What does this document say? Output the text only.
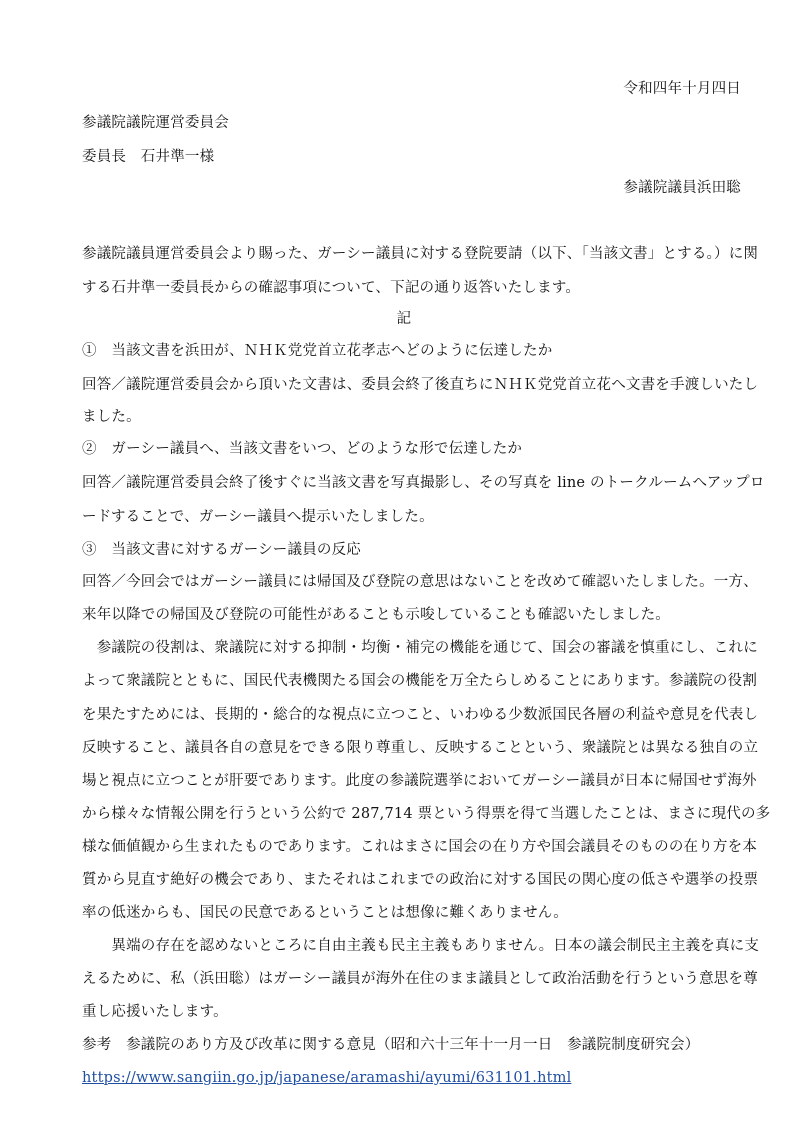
令和四年十月四日
参議院議院運営委員会
委員長　石井準一様
参議院議員浜田聡
参議院議員運営委員会より賜った、ガーシー議員に対する登院要請（以下、「当該文書」とする。）に関
する石井準一委員長からの確認事項について、下記の通り返答いたします。
記
①　当該文書を浜田が、ＮＨＫ党党首立花孝志へどのように伝達したか
回答／議院運営委員会から頂いた文書は、委員会終了後直ちにＮＨＫ党党首立花へ文書を手渡しいたし
ました。
②　ガーシー議員へ、当該文書をいつ、どのような形で伝達したか
回答／議院運営委員会終了後すぐに当該文書を写真撮影し、その写真を line のトークルームへアップロ
ードすることで、ガーシー議員へ提示いたしました。
③　当該文書に対するガーシー議員の反応
回答／今回会ではガーシー議員には帰国及び登院の意思はないことを改めて確認いたしました。一方、
来年以降での帰国及び登院の可能性があることも示唆していることも確認いたしました。
　参議院の役割は、衆議院に対する抑制・均衡・補完の機能を通じて、国会の審議を慎重にし、これに
よって衆議院とともに、国民代表機関たる国会の機能を万全たらしめることにあります。参議院の役割
を果たすためには、長期的・総合的な視点に立つこと、いわゆる少数派国民各層の利益や意見を代表し
反映すること、議員各自の意見をできる限り尊重し、反映することという、衆議院とは異なる独自の立
場と視点に立つことが肝要であります。此度の参議院選挙においてガーシー議員が日本に帰国せず海外
から様々な情報公開を行うという公約で 287,714 票という得票を得て当選したことは、まさに現代の多
様な価値観から生まれたものであります。これはまさに国会の在り方や国会議員そのものの在り方を本
質から見直す絶好の機会であり、またそれはこれまでの政治に対する国民の関心度の低さや選挙の投票
率の低迷からも、国民の民意であるということは想像に難くありません。
　　異端の存在を認めないところに自由主義も民主主義もありません。日本の議会制民主主義を真に支
えるために、私（浜田聡）はガーシー議員が海外在住のまま議員として政治活動を行うという意思を尊
重し応援いたします。
参考　参議院のあり方及び改革に関する意見（昭和六十三年十一月一日　参議院制度研究会）
https://www.sangiin.go.jp/japanese/aramashi/ayumi/631101.html
